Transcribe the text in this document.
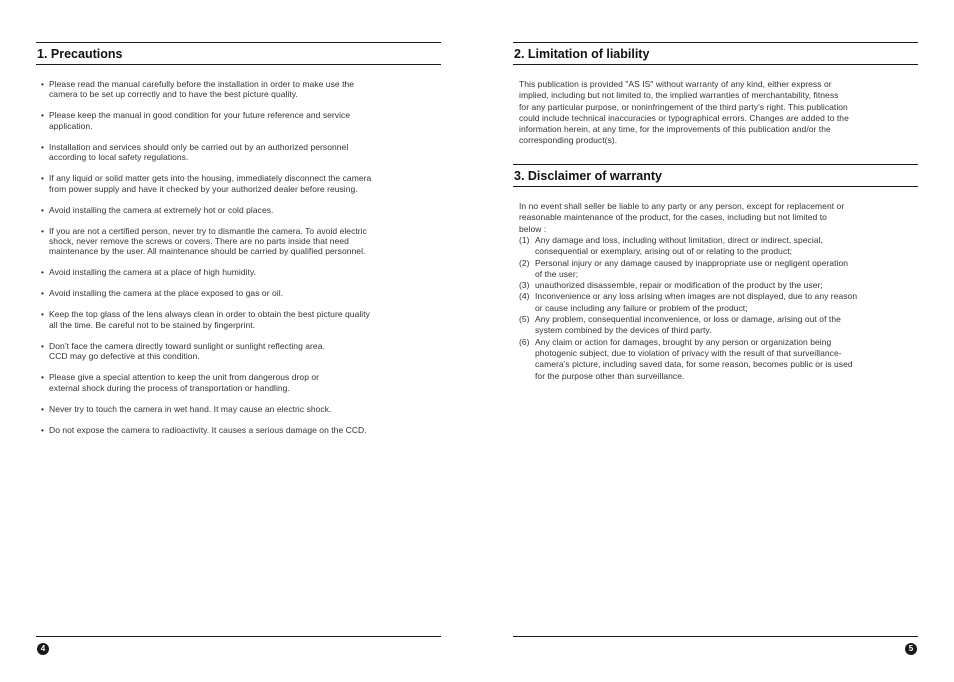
1. Precautions
• Please read the manual carefully before the installation in order to make use the
camera to be set up correctly and to have the best picture quality.
• Please keep the manual in good condition for your future reference and service
application.
• Installation and services should only be carried out by an authorized personnel
according to local safety regulations.
• If any liquid or solid matter gets into the housing, immediately disconnect the camera
from power supply and have it checked by your authorized dealer before reusing.
• Avoid installing the camera at extremely hot or cold places.
• If you are not a certified person, never try to dismantle the camera. To avoid electric
shock, never remove the screws or covers. There are no parts inside that need
maintenance by the user. All maintenance should be carried by qualified personnel.
• Avoid installing the camera at a place of high humidity.
• Avoid installing the camera at the place exposed to gas or oil.
• Keep the top glass of the lens always clean in order to obtain the best picture quality
all the time. Be careful not to be stained by fingerprint.
• Don’t face the camera directly toward sunlight or sunlight reflecting area.
CCD may go defective at this condition.
• Please give a special attention to keep the unit from dangerous drop or
external shock during the process of transportation or handling.
• Never try to touch the camera in wet hand. It may cause an electric shock.
• Do not expose the camera to radioactivity. It causes a serious damage on the CCD.
2. Limitation of liability

This publication is provided "AS IS" without warranty of any kind, either express or
implied, including but not limited to, the implied warranties of merchantability, fitness
for any particular purpose, or noninfringement of the third party’s right. This publication
could include technical inaccuracies or typographical errors. Changes are added to the
information herein, at any time, for the improvements of this publication and/or the
corresponding product(s).

3. Disclaimer of warranty

In no event shall seller be liable to any party or any person, except for replacement or
reasonable maintenance of the product, for the cases, including but not limited to
below :

(1) Any damage and loss, including without limitation, direct or indirect, special,
consequential or exemplary, arising out of or relating to the product;
(2) Personal injury or any damage caused by inappropriate use or negligent operation
of the user;
(3) unauthorized disassemble, repair or modification of the product by the user;
(4) Inconvenience or any loss arising when images are not displayed, due to any reason
or cause including any failure or problem of the product;
(5) Any problem, consequential inconvenience, or loss or damage, arising out of the
system combined by the devices of third party.
(6) Any claim or action for damages, brought by any person or organization being
photogenic subject, due to violation of privacy with the result of that surveillance-
camera’s picture, including saved data, for some reason, becomes public or is used
for the purpose other than surveillance.
4	5
